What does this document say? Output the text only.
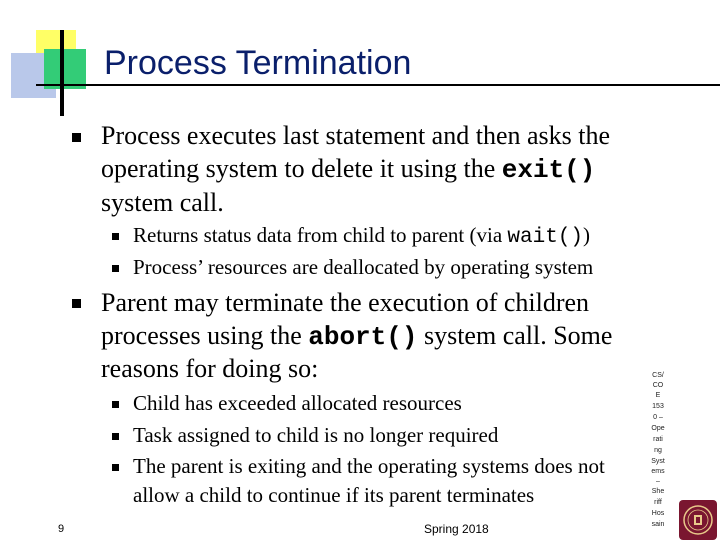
Process Termination
Process executes last statement and then asks the
operating system to delete it using the exit()
system call.
Returns status data from child to parent (via wait())
Process’ resources are deallocated by operating system
Parent may terminate the execution of children
processes using the abort() system call. Some
reasons for doing so:
Child has exceeded allocated resources
Task assigned to child is no longer required
The parent is exiting and the operating systems does not
allow a child to continue if its parent terminates
CS/
CO
E
153
0 –
Ope
rati
ng
Syst
ems
–
She
riff
Hos
sain
9	Spring 2018
